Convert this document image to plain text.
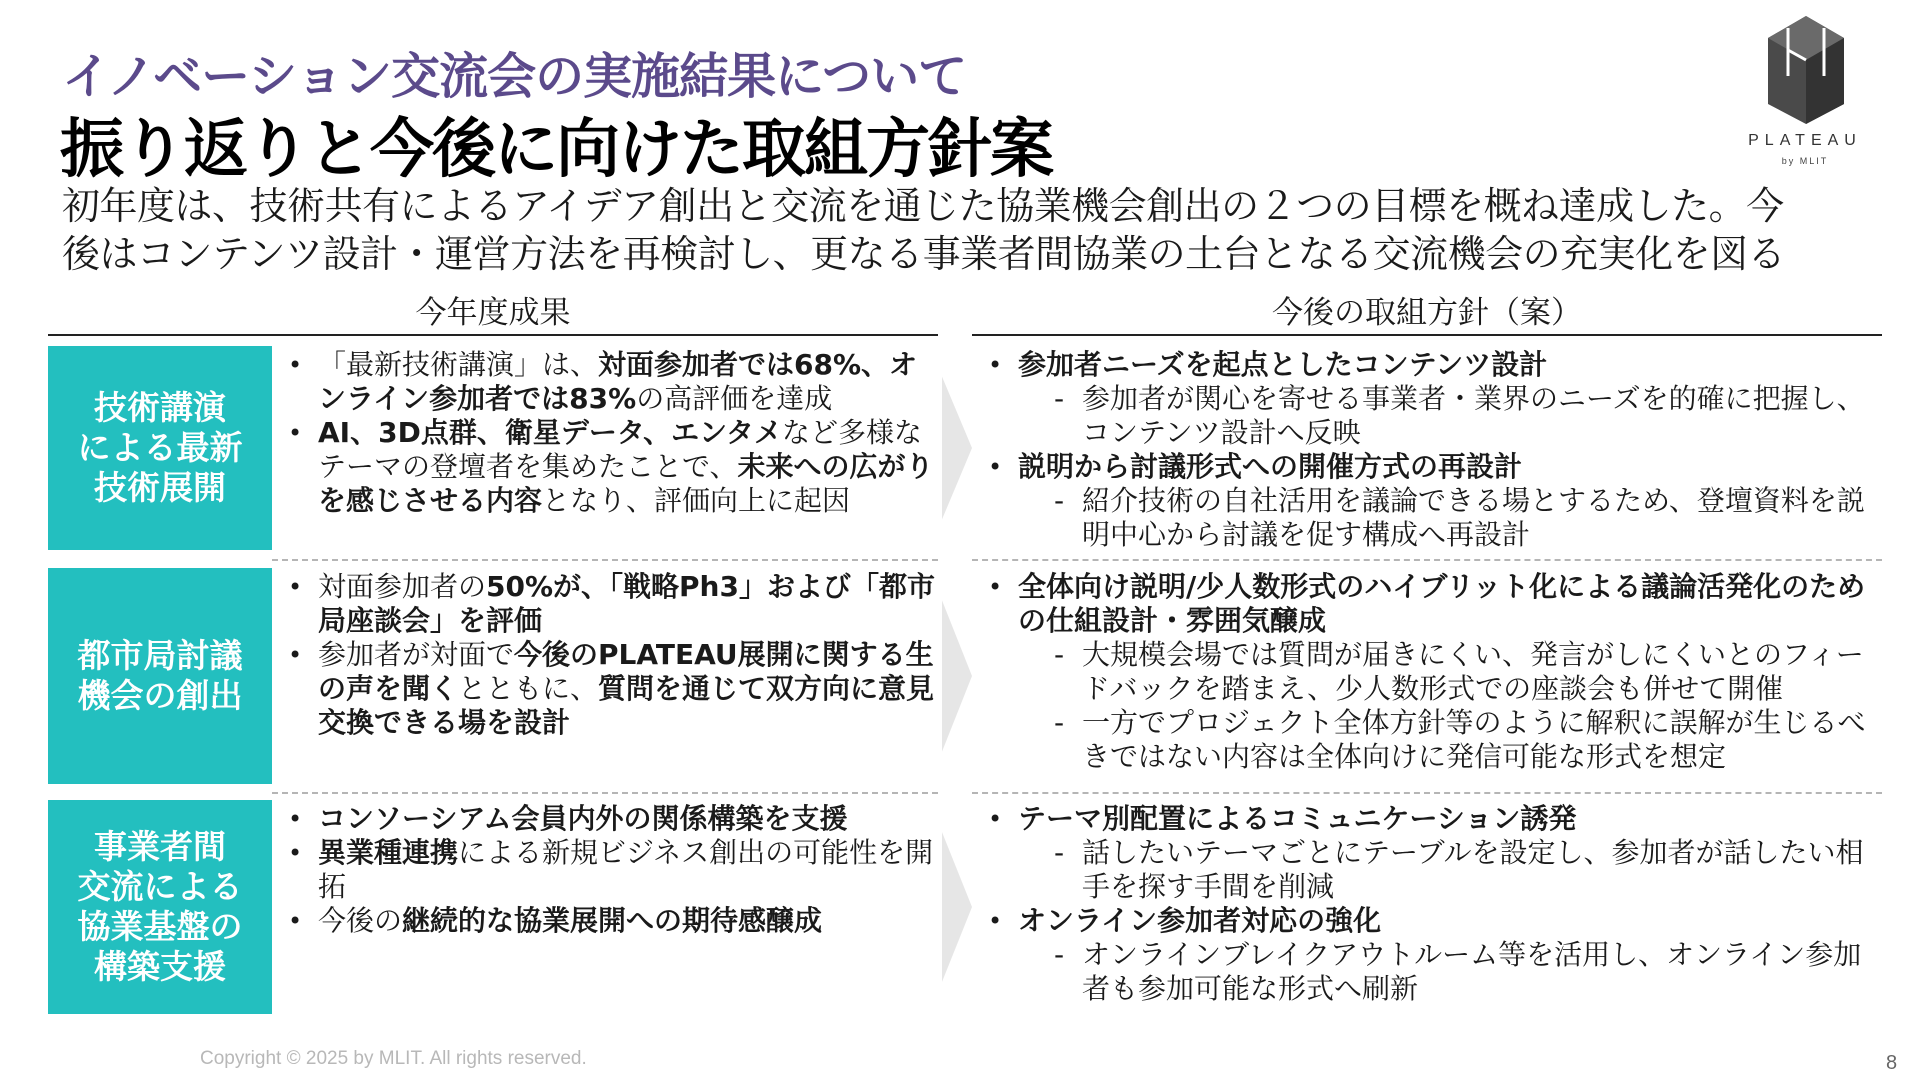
イノベーション交流会の実施結果について
振り返りと今後に向けた取組方針案
初年度は、技術共有によるアイデア創出と交流を通じた協業機会創出の２つの目標を概ね達成した。今
後はコンテンツ設計・運営方法を再検討し、更なる事業者間協業の土台となる交流機会の充実化を図る
PLATEAU
by MLIT
今年度成果	今後の取組方針（案）
技術講演
による最新
技術展開
• 「最新技術講演」は、対面参加者では68%、オンライン参加者では83%の高評価を達成
• AI、3D点群、衛星データ、エンタメなど多様なテーマの登壇者を集めたことで、未来への広がりを感じさせる内容となり、評価向上に起因
• 参加者ニーズを起点としたコンテンツ設計
- 参加者が関心を寄せる事業者・業界のニーズを的確に把握し、コンテンツ設計へ反映
• 説明から討議形式への開催方式の再設計
- 紹介技術の自社活用を議論できる場とするため、登壇資料を説明中心から討議を促す構成へ再設計
都市局討議
機会の創出
• 対面参加者の50%が、「戦略Ph3」および「都市局座談会」を評価
• 参加者が対面で今後のPLATEAU展開に関する生の声を聞くとともに、質問を通じて双方向に意見交換できる場を設計
• 全体向け説明/少人数形式のハイブリット化による議論活発化のための仕組設計・雰囲気醸成
- 大規模会場では質問が届きにくい、発言がしにくいとのフィードバックを踏まえ、少人数形式での座談会も併せて開催
- 一方でプロジェクト全体方針等のように解釈に誤解が生じるべきではない内容は全体向けに発信可能な形式を想定
事業者間
交流による
協業基盤の
構築支援
• コンソーシアム会員内外の関係構築を支援
• 異業種連携による新規ビジネス創出の可能性を開拓
• 今後の継続的な協業展開への期待感醸成
• テーマ別配置によるコミュニケーション誘発
- 話したいテーマごとにテーブルを設定し、参加者が話したい相手を探す手間を削減
• オンライン参加者対応の強化
- オンラインブレイクアウトルーム等を活用し、オンライン参加者も参加可能な形式へ刷新
Copyright © 2025 by MLIT. All rights reserved.	8
